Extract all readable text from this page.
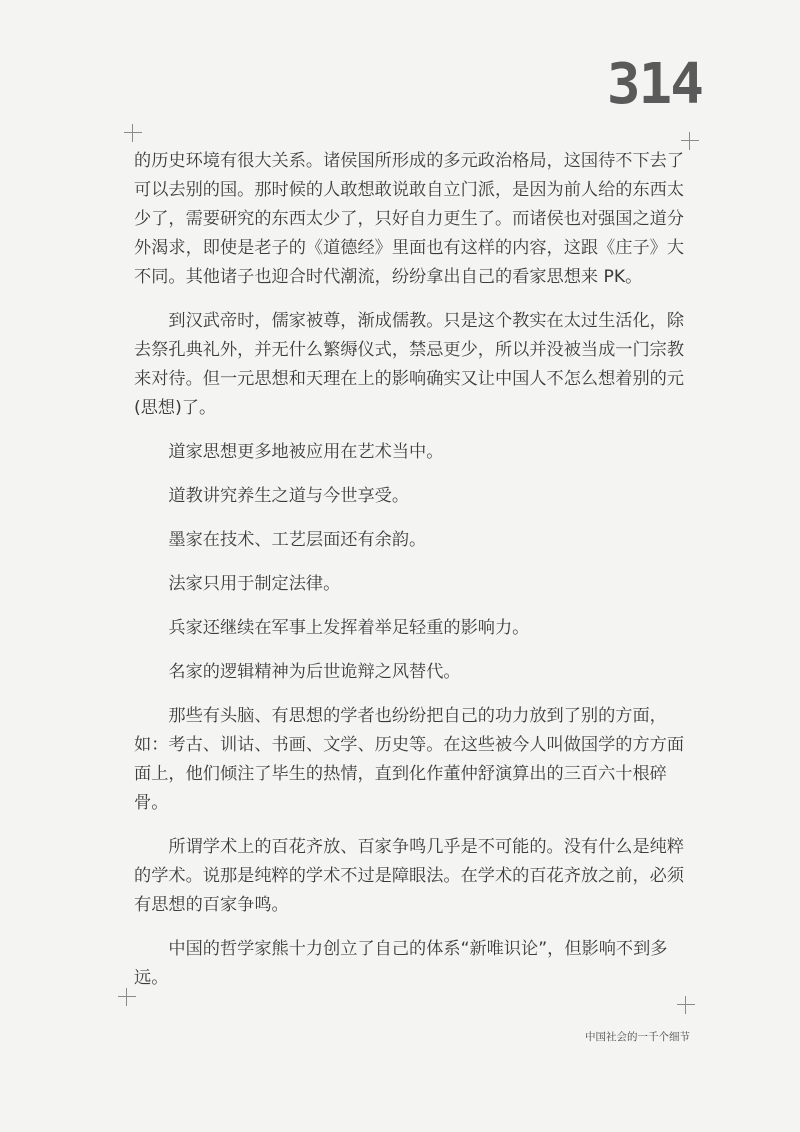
314

的历史环境有很大关系。诸侯国所形成的多元政治格局，这国待不下去了可以去别的国。那时候的人敢想敢说敢自立门派，是因为前人给的东西太少了，需要研究的东西太少了，只好自力更生了。而诸侯也对强国之道分外渴求，即使是老子的《道德经》里面也有这样的内容，这跟《庄子》大不同。其他诸子也迎合时代潮流，纷纷拿出自己的看家思想来 PK。

到汉武帝时，儒家被尊，渐成儒教。只是这个教实在太过生活化，除去祭孔典礼外，并无什么繁缛仪式，禁忌更少，所以并没被当成一门宗教来对待。但一元思想和天理在上的影响确实又让中国人不怎么想着别的元(思想)了。

道家思想更多地被应用在艺术当中。

道教讲究养生之道与今世享受。

墨家在技术、工艺层面还有余韵。

法家只用于制定法律。

兵家还继续在军事上发挥着举足轻重的影响力。

名家的逻辑精神为后世诡辩之风替代。

那些有头脑、有思想的学者也纷纷把自己的功力放到了别的方面，如：考古、训诂、书画、文学、历史等。在这些被今人叫做国学的方方面面上，他们倾注了毕生的热情，直到化作董仲舒演算出的三百六十根碎骨。

所谓学术上的百花齐放、百家争鸣几乎是不可能的。没有什么是纯粹的学术。说那是纯粹的学术不过是障眼法。在学术的百花齐放之前，必须有思想的百家争鸣。

中国的哲学家熊十力创立了自己的体系“新唯识论”，但影响不到多远。

中国社会的一千个细节
